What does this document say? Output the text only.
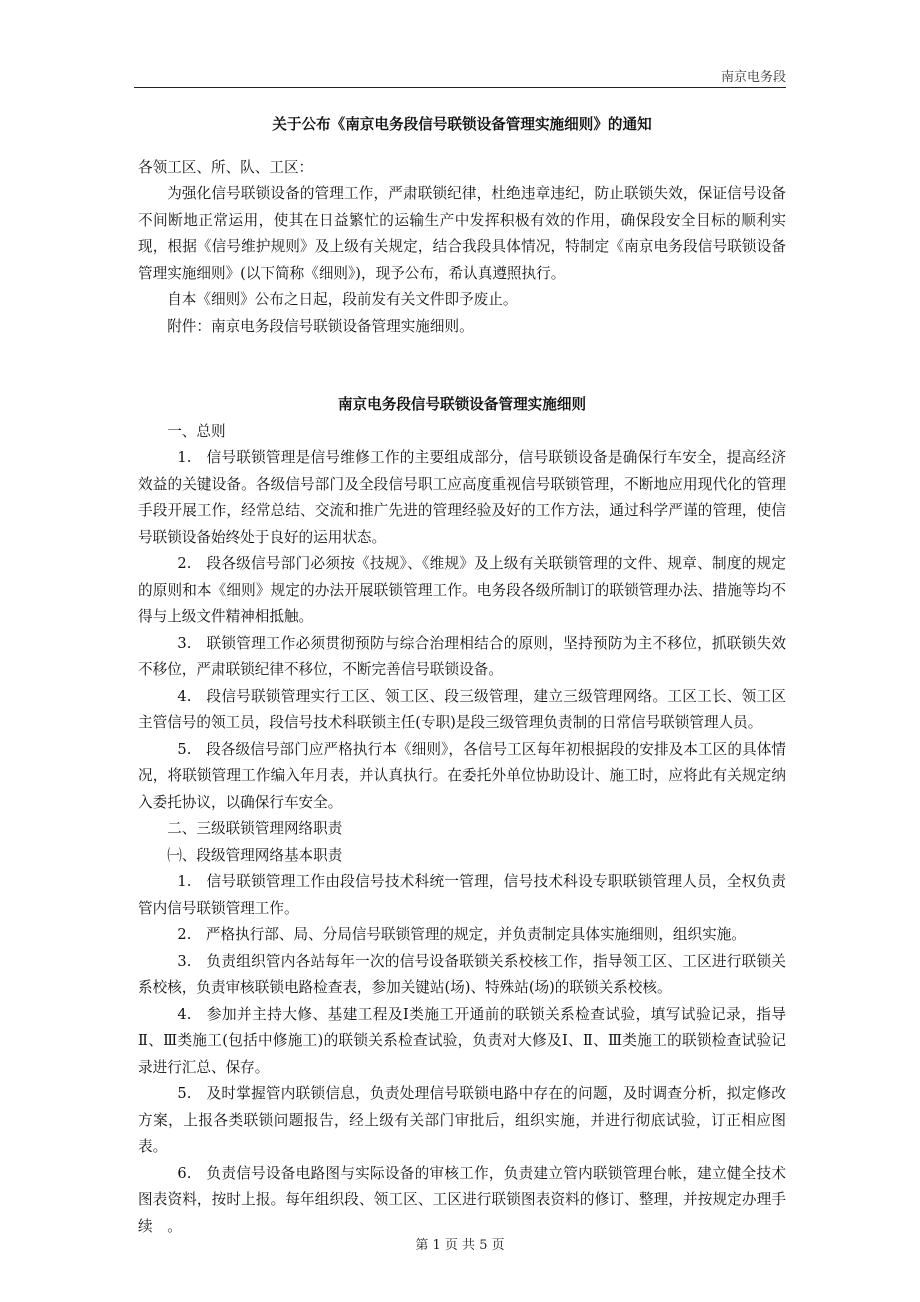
南京电务段

关于公布《南京电务段信号联锁设备管理实施细则》的通知

各领工区、所、队、工区：

为强化信号联锁设备的管理工作，严肃联锁纪律，杜绝违章违纪，防止联锁失效，保证信号设备不间断地正常运用，使其在日益繁忙的运输生产中发挥积极有效的作用，确保段安全目标的顺利实现，根据《信号维护规则》及上级有关规定，结合我段具体情况，特制定《南京电务段信号联锁设备管理实施细则》(以下简称《细则》)，现予公布，希认真遵照执行。

自本《细则》公布之日起，段前发有关文件即予废止。

附件：南京电务段信号联锁设备管理实施细则。

南京电务段信号联锁设备管理实施细则

一、总则

1.　信号联锁管理是信号维修工作的主要组成部分，信号联锁设备是确保行车安全，提高经济效益的关键设备。各级信号部门及全段信号职工应高度重视信号联锁管理，不断地应用现代化的管理手段开展工作，经常总结、交流和推广先进的管理经验及好的工作方法，通过科学严谨的管理，使信号联锁设备始终处于良好的运用状态。

2.　段各级信号部门必须按《技规》、《维规》及上级有关联锁管理的文件、规章、制度的规定的原则和本《细则》规定的办法开展联锁管理工作。电务段各级所制订的联锁管理办法、措施等均不得与上级文件精神相抵触。

3.　联锁管理工作必须贯彻预防与综合治理相结合的原则，坚持预防为主不移位，抓联锁失效不移位，严肃联锁纪律不移位，不断完善信号联锁设备。

4.　段信号联锁管理实行工区、领工区、段三级管理，建立三级管理网络。工区工长、领工区主管信号的领工员，段信号技术科联锁主任(专职)是段三级管理负责制的日常信号联锁管理人员。

5.　段各级信号部门应严格执行本《细则》，各信号工区每年初根据段的安排及本工区的具体情况，将联锁管理工作编入年月表，并认真执行。在委托外单位协助设计、施工时，应将此有关规定纳入委托协议，以确保行车安全。

二、三级联锁管理网络职责

㈠、段级管理网络基本职责

1.　信号联锁管理工作由段信号技术科统一管理，信号技术科设专职联锁管理人员，全权负责管内信号联锁管理工作。

2.　严格执行部、局、分局信号联锁管理的规定，并负责制定具体实施细则，组织实施。

3.　负责组织管内各站每年一次的信号设备联锁关系校核工作，指导领工区、工区进行联锁关系校核，负责审核联锁电路检查表，参加关键站(场)、特殊站(场)的联锁关系校核。

4.　参加并主持大修、基建工程及Ⅰ类施工开通前的联锁关系检查试验，填写试验记录，指导Ⅱ、Ⅲ类施工(包括中修施工)的联锁关系检查试验，负责对大修及Ⅰ、Ⅱ、Ⅲ类施工的联锁检查试验记录进行汇总、保存。

5.　及时掌握管内联锁信息，负责处理信号联锁电路中存在的问题，及时调查分析，拟定修改方案，上报各类联锁问题报告，经上级有关部门审批后，组织实施，并进行彻底试验，订正相应图表。

6.　负责信号设备电路图与实际设备的审核工作，负责建立管内联锁管理台帐，建立健全技术图表资料，按时上报。每年组织段、领工区、工区进行联锁图表资料的修订、整理，并按规定办理手续　。

第 1 页 共 5 页
